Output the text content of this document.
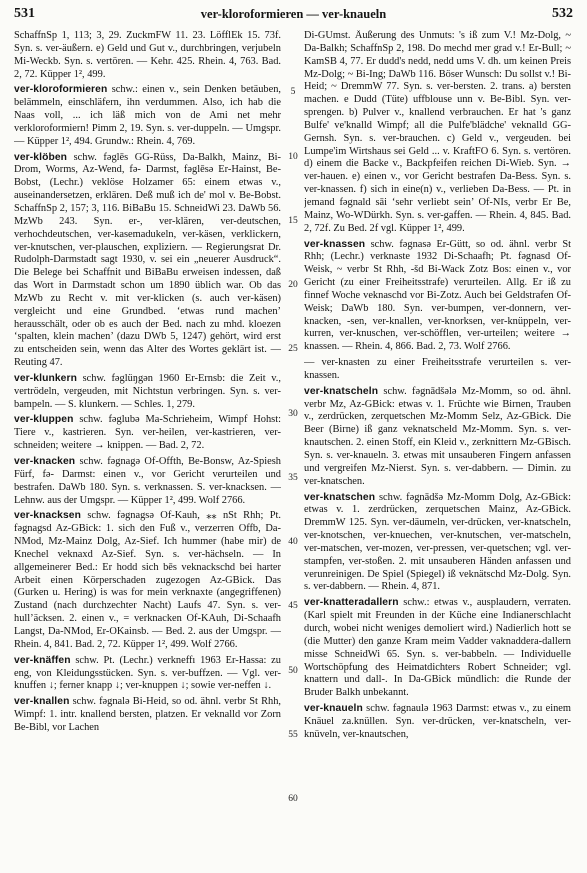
531	ver-kloroformieren — ver-knaueln	532

SchaffnSp 1, 113; 3, 29. ZuckmFW 11. 23. LöfflEk 15. 73f. Syn. s. ver-äußern. e) Geld und Gut v., durchbringen, verjubeln Mi-Weckb. Syn. s. vertören. — Kehr. 425. Rhein. 4, 763. Bad. 2, 72. Küpper 1², 499.

ver-kloroformieren schw.: einen v., sein Denken betäuben, belämmeln, einschläfern, ihn verdummen. Also, ich hab die Naas voll, ... ich läß mich von de Ami net mehr verkloroformiern! Pimm 2, 19. Syn. s. ver-duppeln. — Umgspr. — Küpper 1², 494. Grundw.: Rhein. 4, 769.

ver-klöben schw. fәglēs GG-Rüss, Da-Balkh, Mainz, Bi-Drom, Worms, Az-Wend, fә- Darmst, fәglēsә Er-Hainst, Be-Bobst, (Lechr.) veklöse Holzamer 65: einem etwas v., auseinandersetzen, erklären. Deß muß ich de' mol v. Be-Bobst. SchaffnSp 2, 157; 3, 116. BiBaBu 15. SchneidWi 23. DaWb 56. MzWb 243. Syn. er-, ver-klären, ver-deutschen, verhochdeutschen, ver-kasemadukeln, ver-käsen, verklickern, ver-knutschen, ver-plauschen, expliziern. — Regierungsrat Dr. Rudolph-Darmstadt sagt 1930, v. sei ein „neuerer Ausdruck“. Die Belege bei Schaffnit und BiBaBu erweisen indessen, daß das Wort in Darmstadt schon um 1890 üblich war. Ob das MzWb zu Recht v. mit ver-klicken (s. auch ver-käsen) vergleicht und eine Grundbed. ‘etwas rund machen’ herausschält, oder ob es auch der Bed. nach zu mhd. kloezen ‘spalten, klein machen’ (dazu DWb 5, 1247) gehört, wird erst zu entscheiden sein, wenn das Alter des Wortes geklärt ist. — Reuting 47.

ver-klunkern schw. fәglüŋgәn 1960 Er-Ernsb: die Zeit v., vertrödeln, vergeuden, mit Nichtstun verbringen. Syn. s. ver-bampeln. — S. klunkern. — Schles. 1, 279.

ver-kluppen schw. fәglubә Ma-Schrieheim, Wimpf Hohst: Tiere v., kastrieren. Syn. ver-heilen, ver-kastrieren, ver-schneiden; weitere → knippen. — Bad. 2, 72.

ver-knacken schw. fәgnagә Of-Offth, Be-Bonsw, Az-Spiesh Fürf, fә- Darmst: einen v., vor Gericht verurteilen und bestrafen. DaWb 180. Syn. s. verknassen. S. ver-knacksen. — Lehnw. aus der Umgspr. — Küpper 1², 499. Wolf 2766.

ver-knacksen schw. fәgnagsә Of-Kauh, ⁎⁎ nSt Rhh; Pt. fәgnagsd Az-GBick: 1. sich den Fuß v., verzerren Offb, Da-NMod, Mz-Mainz Dolg, Az-Sief. Ich hummer (habe mir) de Knechel veknaxd Az-Sief. Syn. s. ver-hächseln. — In allgemeinerer Bed.: Er hodd sich bēs veknackschd bei harter Arbeit einen Körperschaden zugezogen Az-GBick. Das (Gurken u. Hering) is was for mein verknaxte (angegriffenen) Zustand (nach durchzechter Nacht) Laufs 47. Syn. s. ver-hull’äcksen. 2. einen v., = verknacken Of-KAuh, Di-Schaafh Langst, Da-NMod, Er-OKainsb. — Bed. 2. aus der Umgspr. — Rhein. 4, 841. Bad. 2, 72. Küpper 1², 499. Wolf 2766.

ver-knäffen schw. Pt. (Lechr.) verkneffı 1963 Er-Hassa: zu eng, von Kleidungsstücken. Syn. s. ver-buffzen. — Vgl. ver-knuffen ↓; ferner knapp ↓; ver-knuppen ↓; sowie ver-neffen ↓.

ver-knallen schw. fәgnalә Bi-Heid, so od. ähnl. verbr St Rhh, Wimpf: 1. intr. knallend bersten, platzen. Er veknalld vor Zorn Be-Bibl, vor Lachen

5
10
15
20
25
30
35
40
45
50
55
60

Di-GUmst. Äußerung des Unmuts: 's iß zum V.! Mz-Dolg, ~ Da-Balkh; SchaffnSp 2, 198. Do mechd mer grad v.! Er-Bull; ~ KamSB 4, 77. Er dudd's nedd, nedd ums V. dh. um keinen Preis Mz-Dolg; ~ Bi-Ing; DaWb 116. Böser Wunsch: Du sollst v.! Bi-Heid; ~ DremmW 77. Syn. s. ver-bersten. 2. trans. a) bersten machen. e Dudd (Tüte) uffblouse unn v. Be-Bibl. Syn. ver-sprengen. b) Pulver v., knallend verbrauchen. Er hat 's ganz Bulfe' ve'knalld Wimpf; all die Pulfe'blädche' veknalld GG-Gernsh. Syn. s. ver-brauchen. c) Geld v., vergeuden. bei Lumpe'im Wirtshaus sei Geld ... v. KraftFO 6. Syn. s. vertören. d) einem die Backe v., Backpfeifen reichen Di-Wieb. Syn. → ver-hauen. e) einen v., vor Gericht bestrafen Da-Bess. Syn. s. ver-knassen. f) sich in eine(n) v., verlieben Da-Bess. — Pt. in jemand fәgnald sāi ‘sehr verliebt sein’ Of-NIs, verbr Er Be, Mainz, Wo-WDürkh. Syn. s. ver-gaffen. — Rhein. 4, 845. Bad. 2, 72f. Zu Bed. 2f vgl. Küpper 1², 499.

ver-knassen schw. fәgnasә Er-Gütt, so od. ähnl. verbr St Rhh; (Lechr.) verknaste 1932 Di-Schaafh; Pt. fәgnasd Of-Weisk, ~ verbr St Rhh, -šd Bi-Wack Zotz Bos: einen v., vor Gericht (zu einer Freiheitsstrafe) verurteilen. Allg. Er iß zu finnef Woche veknaschd vor Bi-Zotz. Auch bei Geldstrafen Of-Weisk; DaWb 180. Syn. ver-bumpen, ver-donnern, ver-knacken, -sen, ver-knallen, ver-knorksen, ver-knüppeln, ver-kurren, ver-knuschen, ver-schöfflen, ver-urteilen; weitere → knassen. — Rhein. 4, 866. Bad. 2, 73. Wolf 2766.

— ver-knasten zu einer Freiheitsstrafe verurteilen s. ver-knassen.

ver-knatscheln schw. fәgnādšәlә Mz-Momm, so od. ähnl. verbr Mz, Az-GBick: etwas v. 1. Früchte wie Birnen, Trauben v., zerdrücken, zerquetschen Mz-Momm Selz, Az-GBick. Die Beer (Birne) iß ganz veknatscheld Mz-Momm. Syn. s. ver-knautschen. 2. einen Stoff, ein Kleid v., zerknittern Mz-GBisch. Syn. s. ver-knaueln. 3. etwas mit unsauberen Fingern anfassen und vergreifen Mz-Nierst. Syn. s. ver-dabbern. — Dimin. zu ver-knatschen.

ver-knatschen schw. fәgnādšә Mz-Momm Dolg, Az-GBick: etwas v. 1. zerdrücken, zerquetschen Mainz, Az-GBick. DremmW 125. Syn. ver-däumeln, ver-drücken, ver-knatscheln, ver-knotschen, ver-knuechen, ver-knutschen, ver-matscheln, ver-matschen, ver-mozen, ver-pressen, ver-quetschen; vgl. ver-stampfen, ver-stoßen. 2. mit unsauberen Händen anfassen und verunreinigen. De Spiel (Spiegel) iß veknätschd Mz-Dolg. Syn. s. ver-dabbern. — Rhein. 4, 871.

ver-knatteradallern schw.: etwas v., ausplaudern, verraten. (Karl spielt mit Freunden in der Küche eine Indianerschlacht durch, wobei nicht weniges demoliert wird.) Nadierlich hott se (die Mutter) den ganze Kram meim Vadder vaknaddera-dallern misse SchneidWi 65. Syn. s. ver-babbeln. — Individuelle Wortschöpfung des Heimatdichters Robert Schneider; vgl. knattern und dall-. In Da-GBick mündlich: die Runde der Bruder Balkh unbekannt.

ver-knaueln schw. fәgnaulә 1963 Darmst: etwas v., zu einem Knäuel za.knüllen. Syn. ver-drücken, ver-knatscheln, ver-knüveln, ver-knautschen,
